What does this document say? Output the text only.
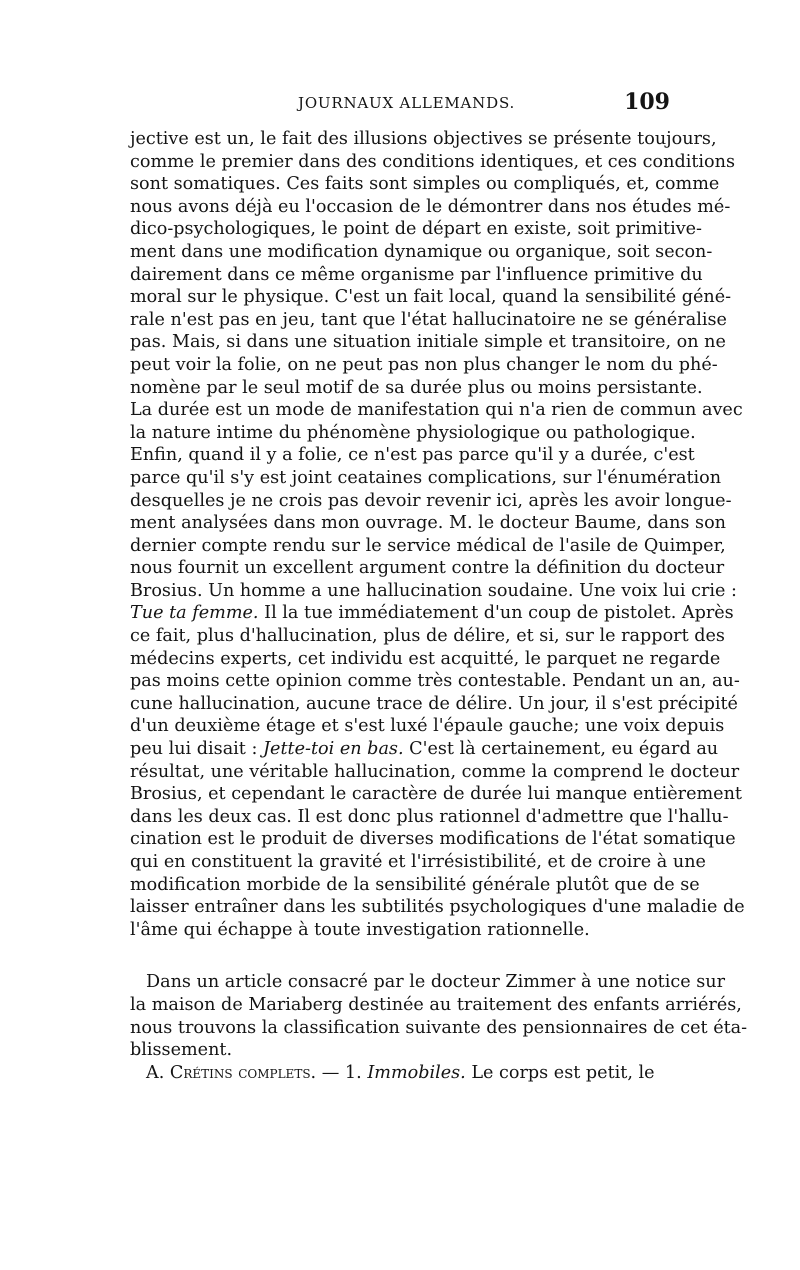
JOURNAUX ALLEMANDS.	109
jective est un, le fait des illusions objectives se présente toujours,
comme le premier dans des conditions identiques, et ces conditions
sont somatiques. Ces faits sont simples ou compliqués, et, comme
nous avons déjà eu l'occasion de le démontrer dans nos études mé-
dico-psychologiques, le point de départ en existe, soit primitive-
ment dans une modification dynamique ou organique, soit secon-
dairement dans ce même organisme par l'influence primitive du
moral sur le physique. C'est un fait local, quand la sensibilité géné-
rale n'est pas en jeu, tant que l'état hallucinatoire ne se généralise
pas. Mais, si dans une situation initiale simple et transitoire, on ne
peut voir la folie, on ne peut pas non plus changer le nom du phé-
nomène par le seul motif de sa durée plus ou moins persistante.
La durée est un mode de manifestation qui n'a rien de commun avec
la nature intime du phénomène physiologique ou pathologique.
Enfin, quand il y a folie, ce n'est pas parce qu'il y a durée, c'est
parce qu'il s'y est joint ceataines complications, sur l'énumération
desquelles je ne crois pas devoir revenir ici, après les avoir longue-
ment analysées dans mon ouvrage. M. le docteur Baume, dans son
dernier compte rendu sur le service médical de l'asile de Quimper,
nous fournit un excellent argument contre la définition du docteur
Brosius. Un homme a une hallucination soudaine. Une voix lui crie :
Tue ta femme. Il la tue immédiatement d'un coup de pistolet. Après
ce fait, plus d'hallucination, plus de délire, et si, sur le rapport des
médecins experts, cet individu est acquitté, le parquet ne regarde
pas moins cette opinion comme très contestable. Pendant un an, au-
cune hallucination, aucune trace de délire. Un jour, il s'est précipité
d'un deuxième étage et s'est luxé l'épaule gauche; une voix depuis
peu lui disait : Jette-toi en bas. C'est là certainement, eu égard au
résultat, une véritable hallucination, comme la comprend le docteur
Brosius, et cependant le caractère de durée lui manque entièrement
dans les deux cas. Il est donc plus rationnel d'admettre que l'hallu-
cination est le produit de diverses modifications de l'état somatique
qui en constituent la gravité et l'irrésistibilité, et de croire à une
modification morbide de la sensibilité générale plutôt que de se
laisser entraîner dans les subtilités psychologiques d'une maladie de
l'âme qui échappe à toute investigation rationnelle.
Dans un article consacré par le docteur Zimmer à une notice sur
la maison de Mariaberg destinée au traitement des enfants arriérés,
nous trouvons la classification suivante des pensionnaires de cet éta-
blissement.
A. Crétins complets. — 1. Immobiles. Le corps est petit, le
